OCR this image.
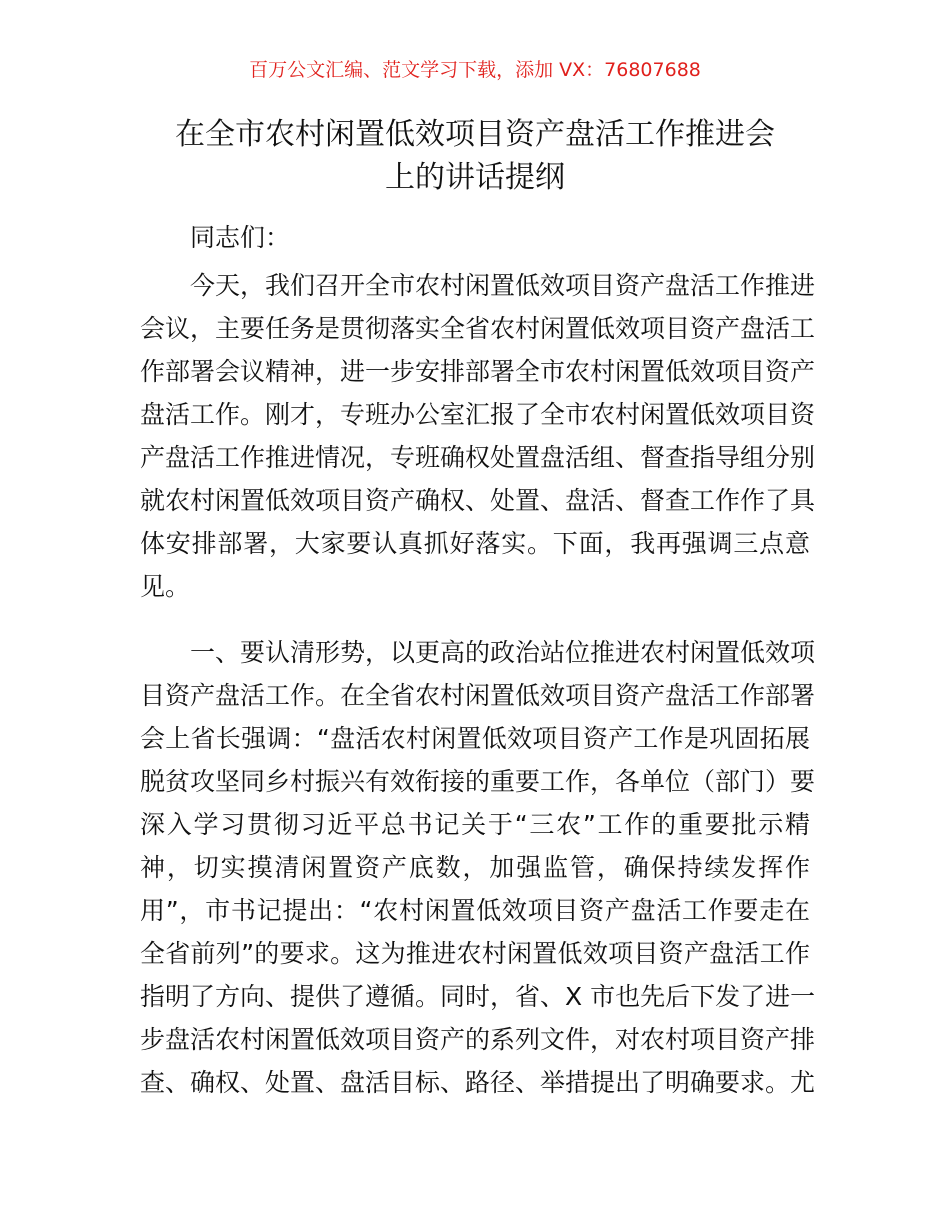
百万公文汇编、范文学习下载，添加 VX：76807688
在全市农村闲置低效项目资产盘活工作推进会
上的讲话提纲
同志们：
今天，我们召开全市农村闲置低效项目资产盘活工作推进
会议，主要任务是贯彻落实全省农村闲置低效项目资产盘活工
作部署会议精神，进一步安排部署全市农村闲置低效项目资产
盘活工作。刚才，专班办公室汇报了全市农村闲置低效项目资
产盘活工作推进情况，专班确权处置盘活组、督查指导组分别
就农村闲置低效项目资产确权、处置、盘活、督查工作作了具
体安排部署，大家要认真抓好落实。下面，我再强调三点意
见。
一、要认清形势，以更高的政治站位推进农村闲置低效项
目资产盘活工作。在全省农村闲置低效项目资产盘活工作部署
会上省长强调：“盘活农村闲置低效项目资产工作是巩固拓展
脱贫攻坚同乡村振兴有效衔接的重要工作，各单位（部门）要
深入学习贯彻习近平总书记关于“三农”工作的重要批示精
神，切实摸清闲置资产底数，加强监管，确保持续发挥作
用”，市书记提出：“农村闲置低效项目资产盘活工作要走在
全省前列”的要求。这为推进农村闲置低效项目资产盘活工作
指明了方向、提供了遵循。同时，省、X 市也先后下发了进一
步盘活农村闲置低效项目资产的系列文件，对农村项目资产排
查、确权、处置、盘活目标、路径、举措提出了明确要求。尤
